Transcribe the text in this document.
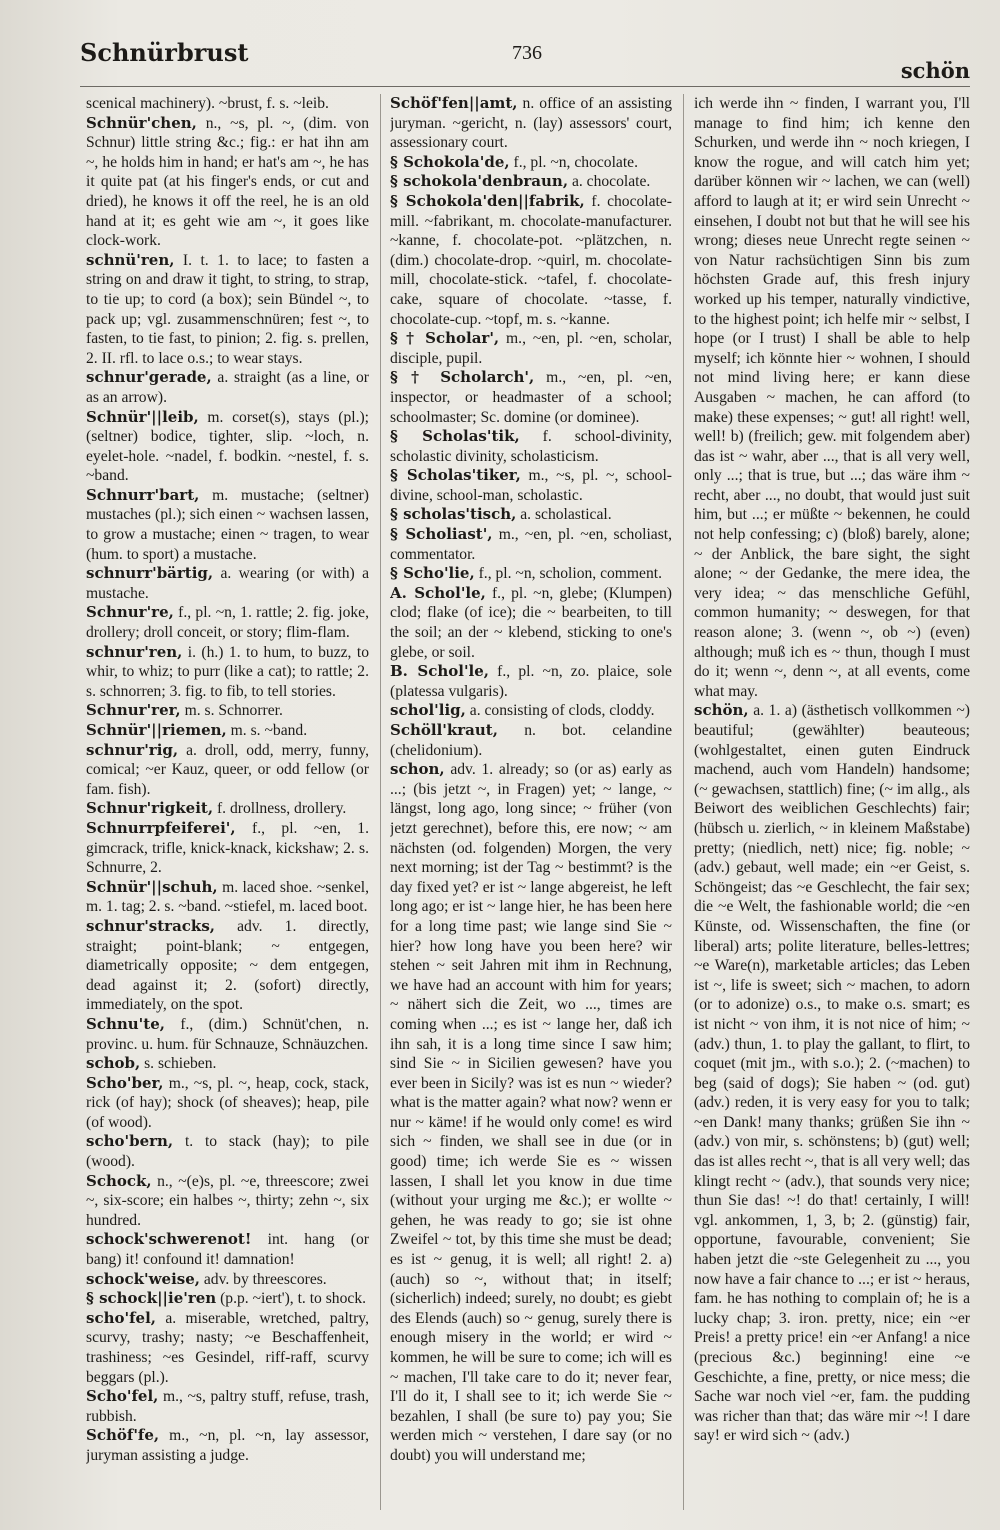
Schnürbrust	736
schön

scenical machinery). ~brust, f. s. ~leib.

Schnür'chen, n., ~s, pl. ~, (dim. von Schnur) little string &c.; fig.: er hat ihn am ~, he holds him in hand; er hat's am ~, he has it quite pat (at his finger's ends, or cut and dried), he knows it off the reel, he is an old hand at it; es geht wie am ~, it goes like clock-work.

schnü'ren, I. t. 1. to lace; to fasten a string on and draw it tight, to string, to strap, to tie up; to cord (a box); sein Bündel ~, to pack up; vgl. zusammenschnüren; fest ~, to fasten, to tie fast, to pinion; 2. fig. s. prellen, 2. II. rfl. to lace o.s.; to wear stays.

schnur'gerade, a. straight (as a line, or as an arrow).

Schnür'||leib, m. corset(s), stays (pl.); (seltner) bodice, tighter, slip. ~loch, n. eyelet-hole. ~nadel, f. bodkin. ~nestel, f. s. ~band.

Schnurr'bart, m. mustache; (seltner) mustaches (pl.); sich einen ~ wachsen lassen, to grow a mustache; einen ~ tragen, to wear (hum. to sport) a mustache.

schnurr'bärtig, a. wearing (or with) a mustache.

Schnur're, f., pl. ~n, 1. rattle; 2. fig. joke, drollery; droll conceit, or story; flim-flam.

schnur'ren, i. (h.) 1. to hum, to buzz, to whir, to whiz; to purr (like a cat); to rattle; 2. s. schnorren; 3. fig. to fib, to tell stories.

Schnur'rer, m. s. Schnorrer.

Schnür'||riemen, m. s. ~band.

schnur'rig, a. droll, odd, merry, funny, comical; ~er Kauz, queer, or odd fellow (or fam. fish).

Schnur'rigkeit, f. drollness, drollery.

Schnurrpfeiferei', f., pl. ~en, 1. gimcrack, trifle, knick-knack, kickshaw; 2. s. Schnurre, 2.

Schnür'||schuh, m. laced shoe. ~senkel, m. 1. tag; 2. s. ~band. ~stiefel, m. laced boot.

schnur'stracks, adv. 1. directly, straight; point-blank; ~ entgegen, diametrically opposite; ~ dem entgegen, dead against it; 2. (sofort) directly, immediately, on the spot.

Schnu'te, f., (dim.) Schnüt'chen, n. provinc. u. hum. für Schnauze, Schnäuzchen.

schob, s. schieben.

Scho'ber, m., ~s, pl. ~, heap, cock, stack, rick (of hay); shock (of sheaves); heap, pile (of wood).

scho'bern, t. to stack (hay); to pile (wood).

Schock, n., ~(e)s, pl. ~e, threescore; zwei ~, six-score; ein halbes ~, thirty; zehn ~, six hundred.

schock'schwerenot! int. hang (or bang) it! confound it! damnation!

schock'weise, adv. by threescores.

§ schock||ie'ren (p.p. ~iert'), t. to shock.

scho'fel, a. miserable, wretched, paltry, scurvy, trashy; nasty; ~e Beschaffenheit, trashiness; ~es Gesindel, riff-raff, scurvy beggars (pl.).

Scho'fel, m., ~s, paltry stuff, refuse, trash, rubbish.

Schöf'fe, m., ~n, pl. ~n, lay assessor, juryman assisting a judge.

Schöf'fen||amt, n. office of an assisting juryman. ~gericht, n. (lay) assessors' court, assessionary court.

§ Schokola'de, f., pl. ~n, chocolate.

§ schokola'denbraun, a. chocolate.

§ Schokola'den||fabrik, f. chocolate-mill. ~fabrikant, m. chocolate-manufacturer. ~kanne, f. chocolate-pot. ~plätzchen, n. (dim.) chocolate-drop. ~quirl, m. chocolate-mill, chocolate-stick. ~tafel, f. chocolate-cake, square of chocolate. ~tasse, f. chocolate-cup. ~topf, m. s. ~kanne.

§ † Scholar', m., ~en, pl. ~en, scholar, disciple, pupil.

§ † Scholarch', m., ~en, pl. ~en, inspector, or headmaster of a school; schoolmaster; Sc. domine (or dominee).

§ Scholas'tik, f. school-divinity, scholastic divinity, scholasticism.

§ Scholas'tiker, m., ~s, pl. ~, school-divine, school-man, scholastic.

§ scholas'tisch, a. scholastical.

§ Scholiast', m., ~en, pl. ~en, scholiast, commentator.

§ Scho'lie, f., pl. ~n, scholion, comment.

A. Schol'le, f., pl. ~n, glebe; (Klumpen) clod; flake (of ice); die ~ bearbeiten, to till the soil; an der ~ klebend, sticking to one's glebe, or soil.

B. Schol'le, f., pl. ~n, zo. plaice, sole (platessa vulgaris).

schol'lig, a. consisting of clods, cloddy.

Schöll'kraut, n. bot. celandine (chelidonium).

schon, adv. 1. already; so (or as) early as ...; (bis jetzt ~, in Fragen) yet; ~ lange, ~ längst, long ago, long since; ~ früher (von jetzt gerechnet), before this, ere now; ~ am nächsten (od. folgenden) Morgen, the very next morning; ist der Tag ~ bestimmt? is the day fixed yet? er ist ~ lange abgereist, he left long ago; er ist ~ lange hier, he has been here for a long time past; wie lange sind Sie ~ hier? how long have you been here? wir stehen ~ seit Jahren mit ihm in Rechnung, we have had an account with him for years; ~ nähert sich die Zeit, wo ..., times are coming when ...; es ist ~ lange her, daß ich ihn sah, it is a long time since I saw him; sind Sie ~ in Sicilien gewesen? have you ever been in Sicily? was ist es nun ~ wieder? what is the matter again? what now? wenn er nur ~ käme! if he would only come! es wird sich ~ finden, we shall see in due (or in good) time; ich werde Sie es ~ wissen lassen, I shall let you know in due time (without your urging me &c.); er wollte ~ gehen, he was ready to go; sie ist ohne Zweifel ~ tot, by this time she must be dead; es ist ~ genug, it is well; all right! 2. a) (auch) so ~, without that; in itself; (sicherlich) indeed; surely, no doubt; es giebt des Elends (auch) so ~ genug, surely there is enough misery in the world; er wird ~ kommen, he will be sure to come; ich will es ~ machen, I'll take care to do it; never fear, I'll do it, I shall see to it; ich werde Sie ~ bezahlen, I shall (be sure to) pay you; Sie werden mich ~ verstehen, I dare say (or no doubt) you will understand me;

ich werde ihn ~ finden, I warrant you, I'll manage to find him; ich kenne den Schurken, und werde ihn ~ noch kriegen, I know the rogue, and will catch him yet; darüber können wir ~ lachen, we can (well) afford to laugh at it; er wird sein Unrecht ~ einsehen, I doubt not but that he will see his wrong; dieses neue Unrecht regte seinen ~ von Natur rachsüchtigen Sinn bis zum höchsten Grade auf, this fresh injury worked up his temper, naturally vindictive, to the highest point; ich helfe mir ~ selbst, I hope (or I trust) I shall be able to help myself; ich könnte hier ~ wohnen, I should not mind living here; er kann diese Ausgaben ~ machen, he can afford (to make) these expenses; ~ gut! all right! well, well! b) (freilich; gew. mit folgendem aber) das ist ~ wahr, aber ..., that is all very well, only ...; that is true, but ...; das wäre ihm ~ recht, aber ..., no doubt, that would just suit him, but ...; er müßte ~ bekennen, he could not help confessing; c) (bloß) barely, alone; ~ der Anblick, the bare sight, the sight alone; ~ der Gedanke, the mere idea, the very idea; ~ das menschliche Gefühl, common humanity; ~ deswegen, for that reason alone; 3. (wenn ~, ob ~) (even) although; muß ich es ~ thun, though I must do it; wenn ~, denn ~, at all events, come what may.

schön, a. 1. a) (ästhetisch vollkommen ~) beautiful; (gewählter) beauteous; (wohlgestaltet, einen guten Eindruck machend, auch vom Handeln) handsome; (~ gewachsen, stattlich) fine; (~ im allg., als Beiwort des weiblichen Geschlechts) fair; (hübsch u. zierlich, ~ in kleinem Maßstabe) pretty; (niedlich, nett) nice; fig. noble; ~ (adv.) gebaut, well made; ein ~er Geist, s. Schöngeist; das ~e Geschlecht, the fair sex; die ~e Welt, the fashionable world; die ~en Künste, od. Wissenschaften, the fine (or liberal) arts; polite literature, belles-lettres; ~e Ware(n), marketable articles; das Leben ist ~, life is sweet; sich ~ machen, to adorn (or to adonize) o.s., to make o.s. smart; es ist nicht ~ von ihm, it is not nice of him; ~ (adv.) thun, 1. to play the gallant, to flirt, to coquet (mit jm., with s.o.); 2. (~machen) to beg (said of dogs); Sie haben ~ (od. gut) (adv.) reden, it is very easy for you to talk; ~en Dank! many thanks; grüßen Sie ihn ~ (adv.) von mir, s. schönstens; b) (gut) well; das ist alles recht ~, that is all very well; das klingt recht ~ (adv.), that sounds very nice; thun Sie das! ~! do that! certainly, I will! vgl. ankommen, 1, 3, b; 2. (günstig) fair, opportune, favourable, convenient; Sie haben jetzt die ~ste Gelegenheit zu ..., you now have a fair chance to ...; er ist ~ heraus, fam. he has nothing to complain of; he is a lucky chap; 3. iron. pretty, nice; ein ~er Preis! a pretty price! ein ~er Anfang! a nice (precious &c.) beginning! eine ~e Geschichte, a fine, pretty, or nice mess; die Sache war noch viel ~er, fam. the pudding was richer than that; das wäre mir ~! I dare say! er wird sich ~ (adv.)
